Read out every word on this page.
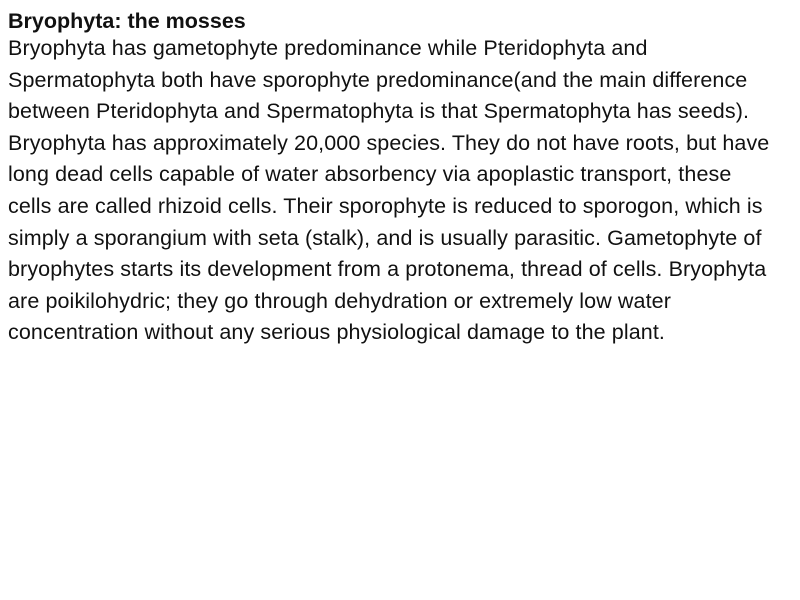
Bryophyta: the mosses

Bryophyta has gametophyte predominance while Pteridophyta and Spermatophyta both have sporophyte predominance(and the main difference between Pteridophyta and Spermatophyta is that Spermatophyta has seeds). Bryophyta has approximately 20,000 species. They do not have roots, but have long dead cells capable of water absorbency via apoplastic transport, these cells are called rhizoid cells. Their sporophyte is reduced to sporogon, which is simply a sporangium with seta (stalk), and is usually parasitic. Gametophyte of bryophytes starts its development from a protonema, thread of cells. Bryophyta are poikilohydric; they go through dehydration or extremely low water concentration without any serious physiological damage to the plant.
